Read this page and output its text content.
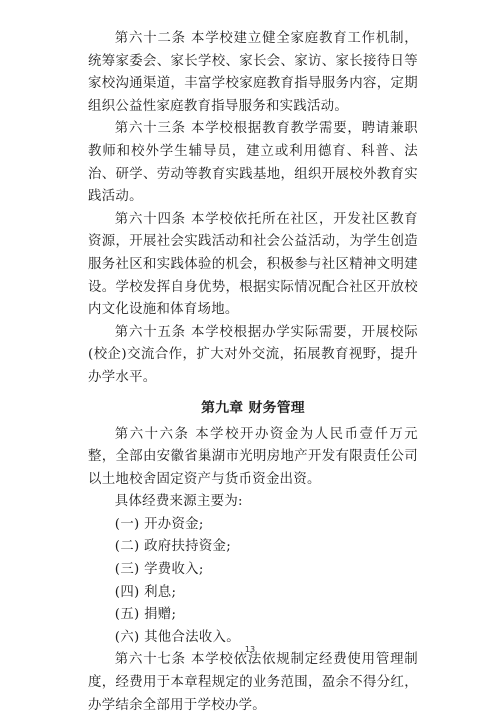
第六十二条 本学校建立健全家庭教育工作机制，统筹家委会、家长学校、家长会、家访、家长接待日等家校沟通渠道，丰富学校家庭教育指导服务内容，定期组织公益性家庭教育指导服务和实践活动。

第六十三条 本学校根据教育教学需要，聘请兼职教师和校外学生辅导员，建立或利用德育、科普、法治、研学、劳动等教育实践基地，组织开展校外教育实践活动。

第六十四条 本学校依托所在社区，开发社区教育资源，开展社会实践活动和社会公益活动，为学生创造服务社区和实践体验的机会，积极参与社区精神文明建设。学校发挥自身优势，根据实际情况配合社区开放校内文化设施和体育场地。

第六十五条 本学校根据办学实际需要，开展校际(校企)交流合作，扩大对外交流，拓展教育视野，提升办学水平。

第九章 财务管理

第六十六条 本学校开办资金为人民币壹仟万元整，全部由安徽省巢湖市光明房地产开发有限责任公司以土地校舍固定资产与货币资金出资。

具体经费来源主要为:

(一) 开办资金;

(二) 政府扶持资金;

(三) 学费收入;

(四) 利息;

(五) 捐赠;

(六) 其他合法收入。

第六十七条 本学校依法依规制定经费使用管理制度，经费用于本章程规定的业务范围，盈余不得分红，办学结余全部用于学校办学。

13
